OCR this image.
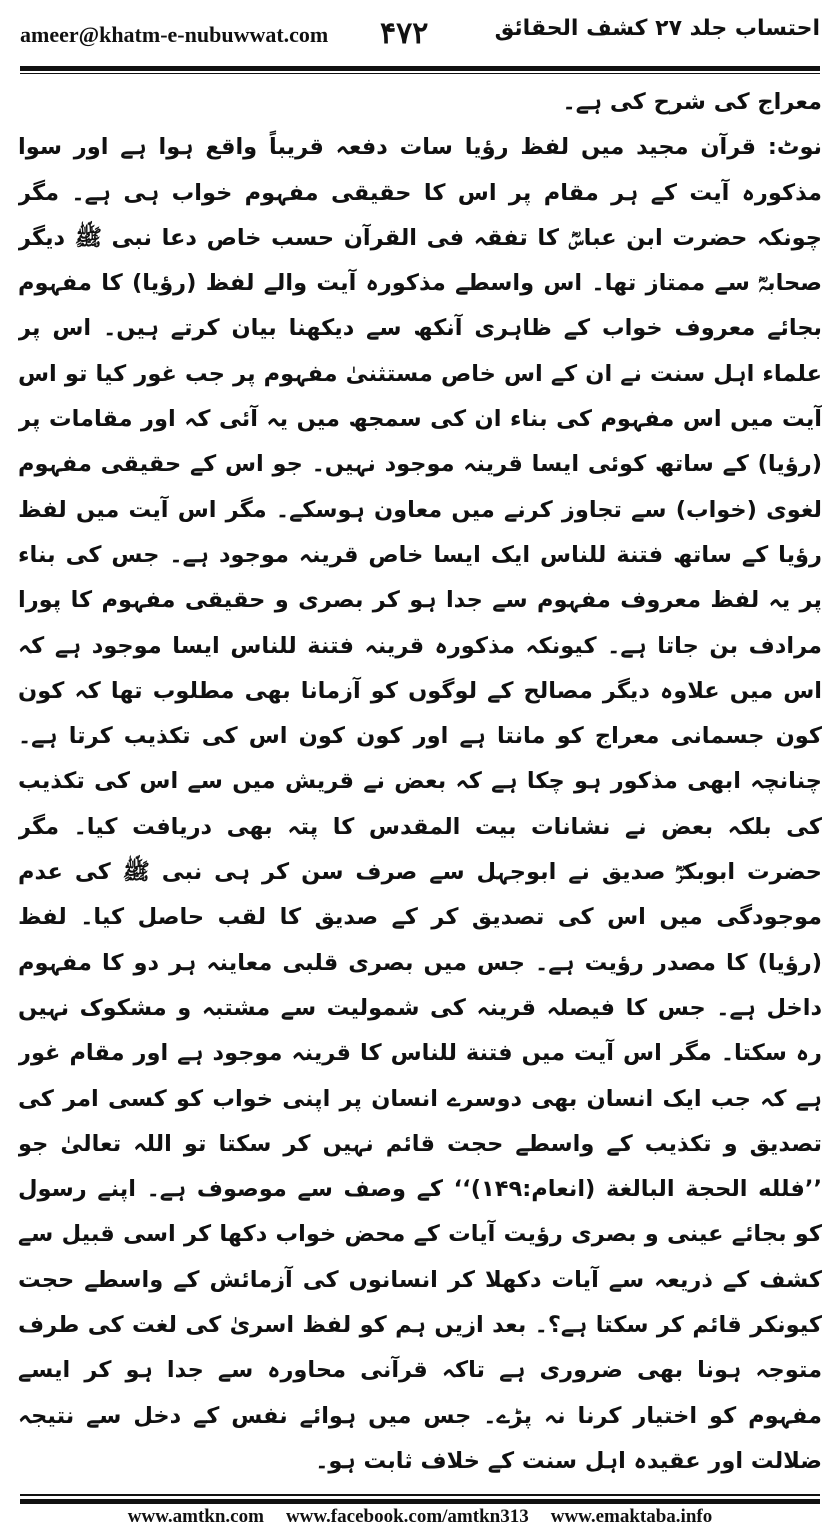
ameer@khatm-e-nubuwwat.com ۴۷۲	احتساب جلد ۲۷ کشف الحقائق

معراج کی شرح کی ہے۔

نوٹ: قرآن مجید میں لفظ رؤیا سات دفعہ قریباً واقع ہوا ہے اور سوا مذکورہ آیت کے ہر مقام پر اس کا حقیقی مفہوم خواب ہی ہے۔ مگر چونکہ حضرت ابن عباسؓ کا تفقہ فی القرآن حسب خاص دعا نبی ﷺ دیگر صحابہؓ سے ممتاز تھا۔ اس واسطے مذکورہ آیت والے لفظ (رؤیا) کا مفہوم بجائے معروف خواب کے ظاہری آنکھ سے دیکھنا بیان کرتے ہیں۔ اس پر علماء اہل سنت نے ان کے اس خاص مستثنیٰ مفہوم پر جب غور کیا تو اس آیت میں اس مفہوم کی بناء ان کی سمجھ میں یہ آئی کہ اور مقامات پر (رؤیا) کے ساتھ کوئی ایسا قرینہ موجود نہیں۔ جو اس کے حقیقی مفہوم لغوی (خواب) سے تجاوز کرنے میں معاون ہوسکے۔ مگر اس آیت میں لفظ رؤیا کے ساتھ فتنة للناس ایک ایسا خاص قرینہ موجود ہے۔ جس کی بناء پر یہ لفظ معروف مفہوم سے جدا ہو کر بصری و حقیقی مفہوم کا پورا مرادف بن جاتا ہے۔ کیونکہ مذکورہ قرینہ فتنة للناس ایسا موجود ہے کہ اس میں علاوہ دیگر مصالح کے لوگوں کو آزمانا بھی مطلوب تھا کہ کون کون جسمانی معراج کو مانتا ہے اور کون کون اس کی تکذیب کرتا ہے۔ چنانچہ ابھی مذکور ہو چکا ہے کہ بعض نے قریش میں سے اس کی تکذیب کی بلکہ بعض نے نشانات بیت المقدس کا پتہ بھی دریافت کیا۔ مگر حضرت ابوبکرؓ صدیق نے ابوجہل سے صرف سن کر ہی نبی ﷺ کی عدم موجودگی میں اس کی تصدیق کر کے صدیق کا لقب حاصل کیا۔ لفظ (رؤیا) کا مصدر رؤیت ہے۔ جس میں بصری قلبی معاینہ ہر دو کا مفہوم داخل ہے۔ جس کا فیصلہ قرینہ کی شمولیت سے مشتبہ و مشکوک نہیں رہ سکتا۔ مگر اس آیت میں فتنة للناس کا قرینہ موجود ہے اور مقام غور ہے کہ جب ایک انسان بھی دوسرے انسان پر اپنی خواب کو کسی امر کی تصدیق و تکذیب کے واسطے حجت قائم نہیں کر سکتا تو اللہ تعالیٰ جو ’’فلله الحجة البالغة (انعام:۱۴۹)‘‘ کے وصف سے موصوف ہے۔ اپنے رسول کو بجائے عینی و بصری رؤیت آیات کے محض خواب دکھا کر اسی قبیل سے کشف کے ذریعہ سے آیات دکھلا کر انسانوں کی آزمائش کے واسطے حجت کیونکر قائم کر سکتا ہے؟۔ بعد ازیں ہم کو لفظ اسریٰ کی لغت کی طرف متوجہ ہونا بھی ضروری ہے تاکہ قرآنی محاورہ سے جدا ہو کر ایسے مفہوم کو اختیار کرنا نہ پڑے۔ جس میں ہوائے نفس کے دخل سے نتیجہ ضلالت اور عقیدہ اہل سنت کے خلاف ثابت ہو۔

www.amtkn.com www.facebook.com/amtkn313 www.emaktaba.info
